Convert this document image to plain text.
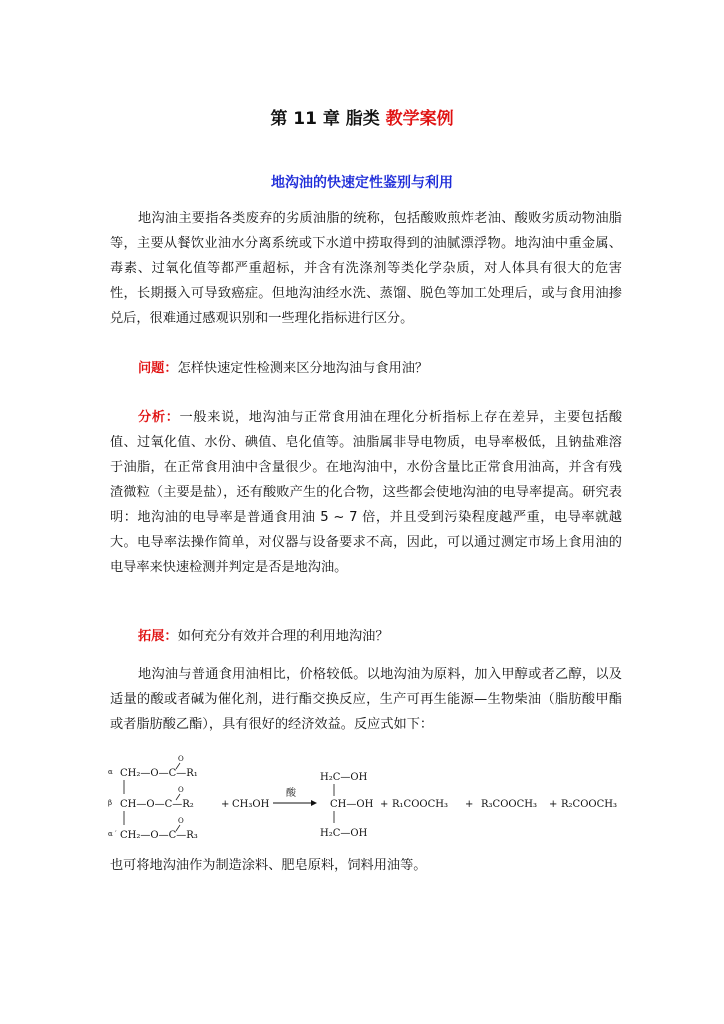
第 11 章 脂类 教学案例
地沟油的快速定性鉴别与利用

地沟油主要指各类废弃的劣质油脂的统称，包括酸败煎炸老油、酸败劣质动物油脂等，主要从餐饮业油水分离系统或下水道中捞取得到的油腻漂浮物。地沟油中重金属、毒素、过氧化值等都严重超标，并含有洗涤剂等类化学杂质，对人体具有很大的危害性，长期摄入可导致癌症。但地沟油经水洗、蒸馏、脱色等加工处理后，或与食用油掺兑后，很难通过感观识别和一些理化指标进行区分。

问题：怎样快速定性检测来区分地沟油与食用油？

分析：一般来说，地沟油与正常食用油在理化分析指标上存在差异，主要包括酸值、过氧化值、水份、碘值、皂化值等。油脂属非导电物质，电导率极低，且钠盐难溶于油脂，在正常食用油中含量很少。在地沟油中，水份含量比正常食用油高，并含有残渣微粒（主要是盐），还有酸败产生的化合物，这些都会使地沟油的电导率提高。研究表明：地沟油的电导率是普通食用油 5 ~ 7 倍，并且受到污染程度越严重，电导率就越大。电导率法操作简单，对仪器与设备要求不高，因此，可以通过测定市场上食用油的电导率来快速检测并判定是否是地沟油。

拓展：如何充分有效并合理的利用地沟油？

地沟油与普通食用油相比，价格较低。以地沟油为原料，加入甲醇或者乙醇，以及适量的酸或者碱为催化剂，进行酯交换反应，生产可再生能源—生物柴油（脂肪酸甲酯或者脂肪酸乙酯），具有很好的经济效益。反应式如下：

α
β
α ′
O
O
O
CH₂—O—C—R₁
CH—O—C—R₂
CH₂—O—C—R₃
+ CH₃OH
酸
H₂C—OH
CH—OH
H₂C—OH
+ R₁COOCH₃ + R₃COOCH₃ + R₂COOCH₃

也可将地沟油作为制造涂料、肥皂原料，饲料用油等。
